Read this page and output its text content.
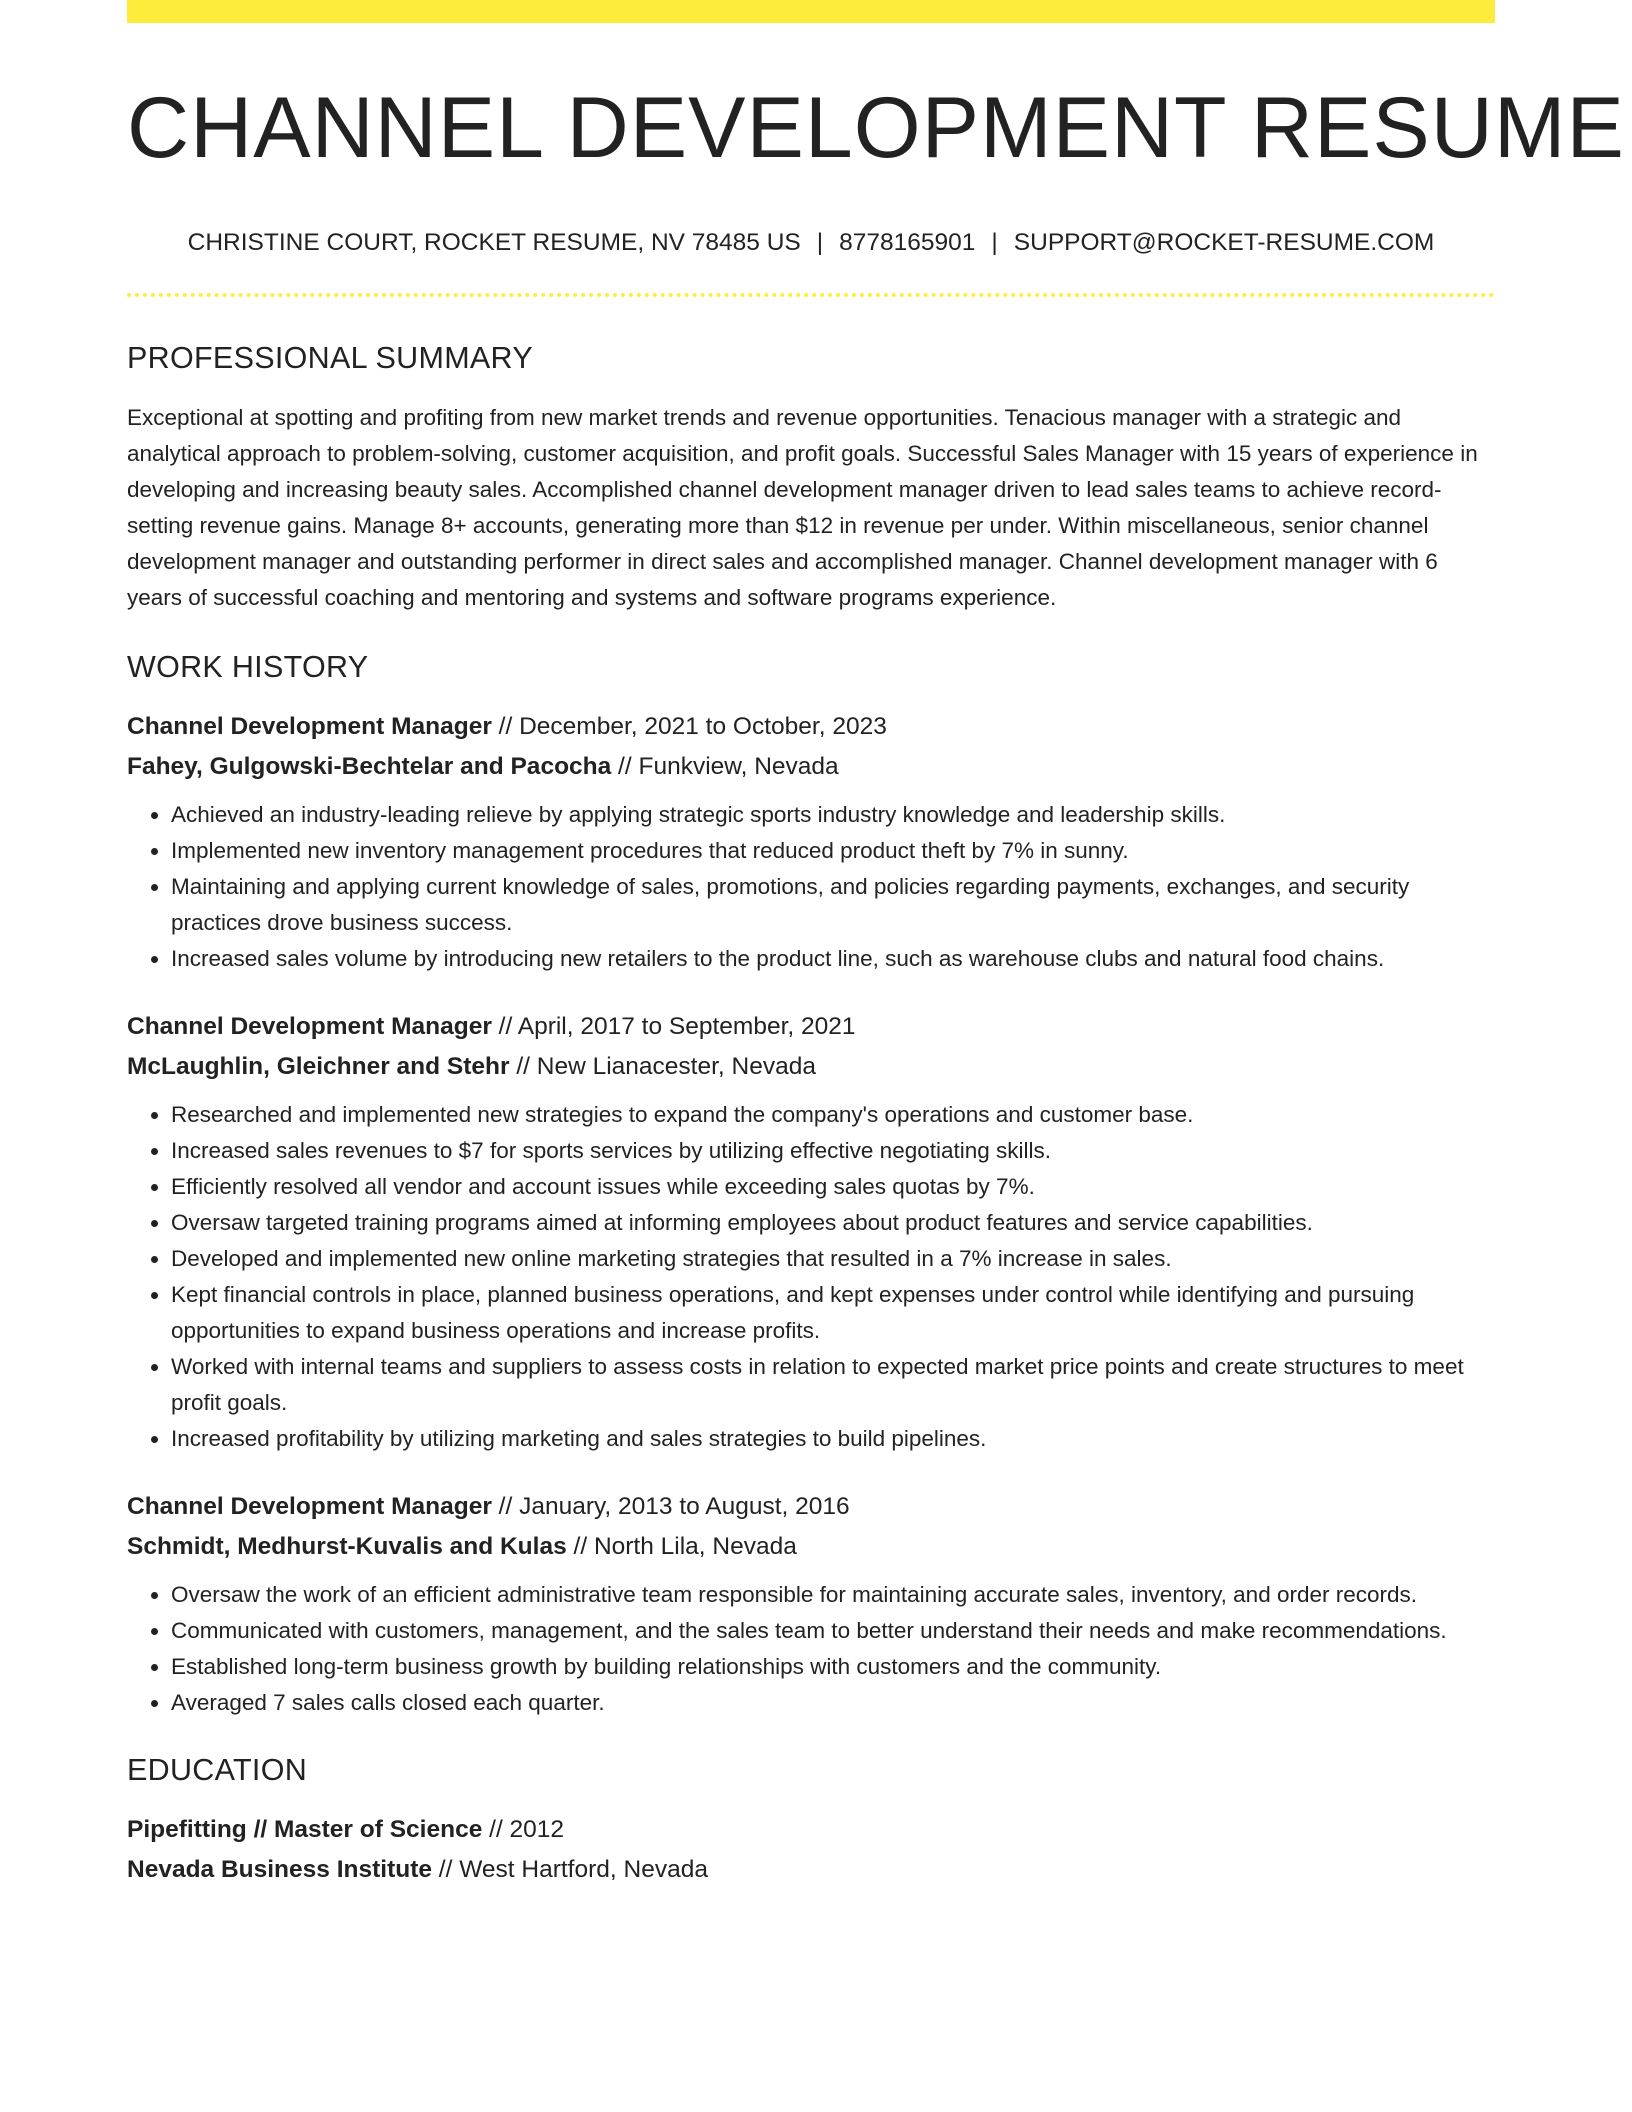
CHANNEL DEVELOPMENT RESUME
CHRISTINE COURT, ROCKET RESUME, NV 78485 US | 8778165901 | SUPPORT@ROCKET-RESUME.COM
PROFESSIONAL SUMMARY

Exceptional at spotting and profiting from new market trends and revenue opportunities. Tenacious manager with a strategic and analytical approach to problem-solving, customer acquisition, and profit goals. Successful Sales Manager with 15 years of experience in developing and increasing beauty sales. Accomplished channel development manager driven to lead sales teams to achieve record-setting revenue gains. Manage 8+ accounts, generating more than $12 in revenue per under. Within miscellaneous, senior channel development manager and outstanding performer in direct sales and accomplished manager. Channel development manager with 6 years of successful coaching and mentoring and systems and software programs experience.

WORK HISTORY
Channel Development Manager // December, 2021 to October, 2023
Fahey, Gulgowski-Bechtelar and Pacocha // Funkview, Nevada
• Achieved an industry-leading relieve by applying strategic sports industry knowledge and leadership skills.
• Implemented new inventory management procedures that reduced product theft by 7% in sunny.
• Maintaining and applying current knowledge of sales, promotions, and policies regarding payments, exchanges, and security practices drove business success.
• Increased sales volume by introducing new retailers to the product line, such as warehouse clubs and natural food chains.
Channel Development Manager // April, 2017 to September, 2021
McLaughlin, Gleichner and Stehr // New Lianacester, Nevada
• Researched and implemented new strategies to expand the company's operations and customer base.
• Increased sales revenues to $7 for sports services by utilizing effective negotiating skills.
• Efficiently resolved all vendor and account issues while exceeding sales quotas by 7%.
• Oversaw targeted training programs aimed at informing employees about product features and service capabilities.
• Developed and implemented new online marketing strategies that resulted in a 7% increase in sales.
• Kept financial controls in place, planned business operations, and kept expenses under control while identifying and pursuing opportunities to expand business operations and increase profits.
• Worked with internal teams and suppliers to assess costs in relation to expected market price points and create structures to meet profit goals.
• Increased profitability by utilizing marketing and sales strategies to build pipelines.
Channel Development Manager // January, 2013 to August, 2016
Schmidt, Medhurst-Kuvalis and Kulas // North Lila, Nevada
• Oversaw the work of an efficient administrative team responsible for maintaining accurate sales, inventory, and order records.
• Communicated with customers, management, and the sales team to better understand their needs and make recommendations.
• Established long-term business growth by building relationships with customers and the community.
• Averaged 7 sales calls closed each quarter.
EDUCATION
Pipefitting // Master of Science // 2012
Nevada Business Institute // West Hartford, Nevada
